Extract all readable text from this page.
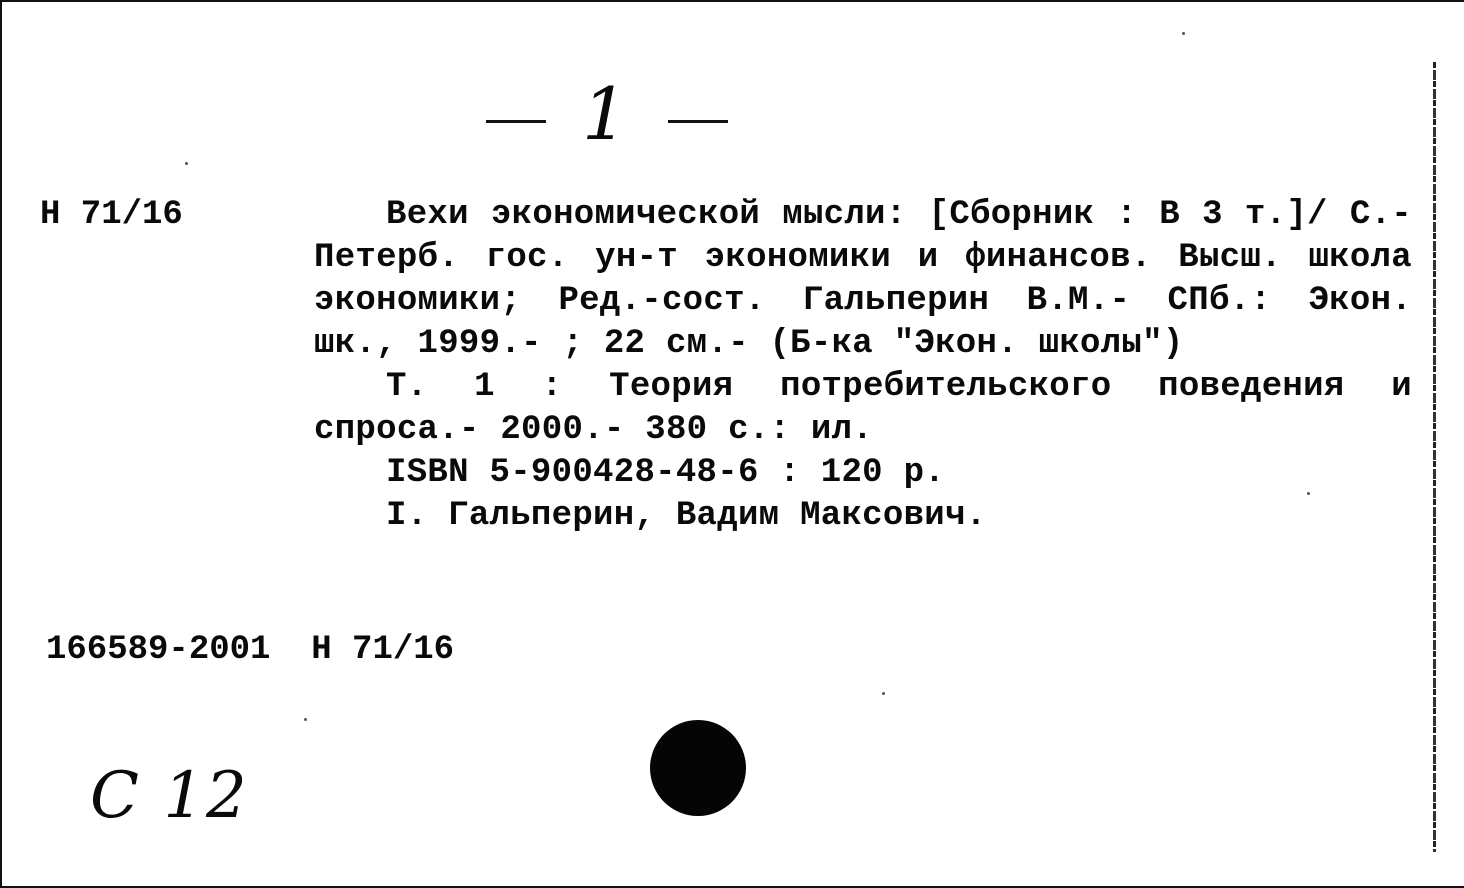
1
Н 71/16	Вехи экономической мысли: [Сборник : В 3 т.]/ С.-Петерб. гос. ун-т экономики и финансов. Высш. школа экономики; Ред.-сост. Гальперин В.М.- СПб.: Экон. шк., 1999.- ; 22 см.- (Б-ка "Экон. школы")
Т. 1 : Теория потребительского поведения и спроса.- 2000.- 380 с.: ил.
ISBN 5-900428-48-6 : 120 р.
I. Гальперин, Вадим Максович.
166589-2001 Н 71/16
С 12
